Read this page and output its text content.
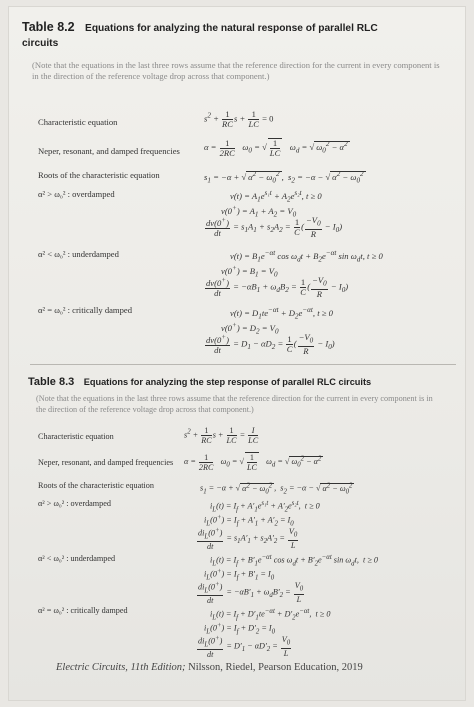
Table 8.2 Equations for analyzing the natural response of parallel RLC
circuits
(Note that the equations in the last three rows assume that the reference direction for the current in every component is in the direction of the reference voltage drop across that component.)
Characteristic equation	$s^2 + \frac{1}{RC}$ $s + \frac{1}{LC} = 0$
Neper, resonant, and damped frequencies	$\alpha = \frac{1}{2RC} \omega_0$ = √ $\frac{1}{LC} \omega_d$ = √ $\omega_0^2 - \alpha^2$
Roots of the characteristic equation	$s_1 = -\alpha$ + √ $\alpha^2 - \omega_0^2$ ,  $s_2 = -\alpha$ − √ $\alpha^2 - \omega_0^2$
α² > ω₀² : overdamped	$v(t) = A_1e^{s_1t} + A_2e^{s_2t}$, t ≥ 0
$v(0^+) = A_1 + A_2 = V_0$
$\frac{dv(0^+)}{dt} = s_1A_1 + s_2A_2 = \frac{1}{C}$ ( $\frac{-V_0}{R} - I_0$)
α² < ω₀² : underdamped	$v(t) = B_1e^{-\alpha t}$ $\cos \omega_dt + B_2e^{-\alpha t}$ $\sin \omega_dt$, t ≥ 0
$v(0^+) = B_1 = V_0$
$\frac{dv(0^+)}{dt} = -\alpha B_1 + \omega_dB_2 = \frac{1}{C}$ ( $\frac{-V_0}{R} - I_0$)
α² = ω₀² : critically damped	$v(t) = D_1te^{-\alpha t} + D_2e^{-\alpha t}$, t ≥ 0
$v(0^+) = D_2 = V_0$
$\frac{dv(0^+)}{dt} = D_1 - \alpha D_2 = \frac{1}{C}$ ( $\frac{-V_0}{R} - I_0$)
Table 8.3 Equations for analyzing the step response of parallel RLC circuits
(Note that the equations in the last three rows assume that the reference direction for the current in every component is in the direction of the reference voltage drop across that component.)
Characteristic equation	$s^2 + \frac{1}{RC}$ $s + \frac{1}{LC} = \frac{I}{LC}$
Neper, resonant, and damped frequencies $\alpha = \frac{1}{2RC} \omega_0$ = √ $\frac{1}{LC} \omega_d$ = √ $\omega_0^2 - \alpha^2$
Roots of the characteristic equation	$s_1 = -\alpha$ + √ $\alpha^2 - \omega_0^2$ ,  $s_2 = -\alpha$ − √ $\alpha^2 - \omega_0^2$
α² > ω₀² : overdamped	$i_L(t) = I_f + A'_1e^{s_1t} + A'_2e^{s_2t}$,  t ≥ 0
$i_L(0^+) = I_f + A'_1 + A'_2 = I_0$
$\frac{di_L(0^+)}{dt} = s_1A'_1 + s_2A'_2 = \frac{V_0}{L}$
α² < ω₀² : underdamped	$i_L(t) = I_f + B'_1e^{-\alpha t}$ $\cos \omega_dt + B'_2e^{-\alpha t}$ $\sin \omega_dt$,  t ≥ 0
$i_L(0^+) = I_f + B'_1 = I_0$
$\frac{di_L(0^+)}{dt} = -\alpha B'_1 + \omega_dB'_2 = \frac{V_0}{L}$
α² = ω₀² : critically damped	$i_L(t) = I_f + D'_1te^{-\alpha t} + D'_2e^{-\alpha t}$,  t ≥ 0
$i_L(0^+) = I_f + D'_2 = I_0$
$\frac{di_L(0^+)}{dt} = D'_1 - \alpha D'_2 = \frac{V_0}{L}$
Electric Circuits, 11th Edition; Nilsson, Riedel, Pearson Education, 2019
